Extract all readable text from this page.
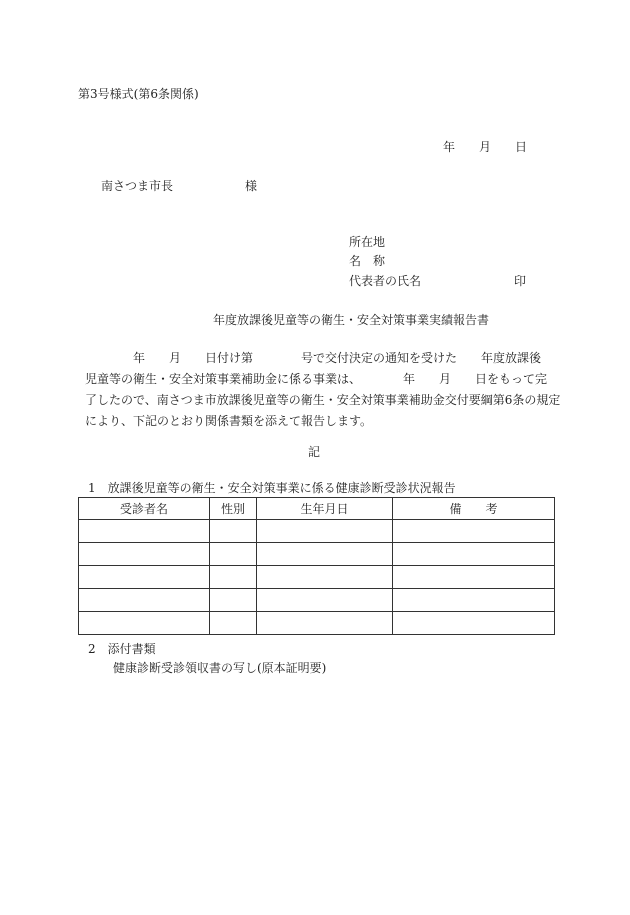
第3号様式(第6条関係)
年　　月　　日
南さつま市長　　　　　　様
所在地
名　称
代表者の氏名	印
年度放課後児童等の衛生・安全対策事業実績報告書
　　　　年　　月　　日付け第　　　　号で交付決定の通知を受けた　　年度放課後
児童等の衛生・安全対策事業補助金に係る事業は、　　　　年　　月　　日をもって完
了したので、南さつま市放課後児童等の衛生・安全対策事業補助金交付要綱第6条の規定
により、下記のとおり関係書類を添えて報告します。
記
1　放課後児童等の衛生・安全対策事業に係る健康診断受診状況報告
受診者名	性別	生年月日	備　　考

2　添付書類
健康診断受診領収書の写し(原本証明要)
